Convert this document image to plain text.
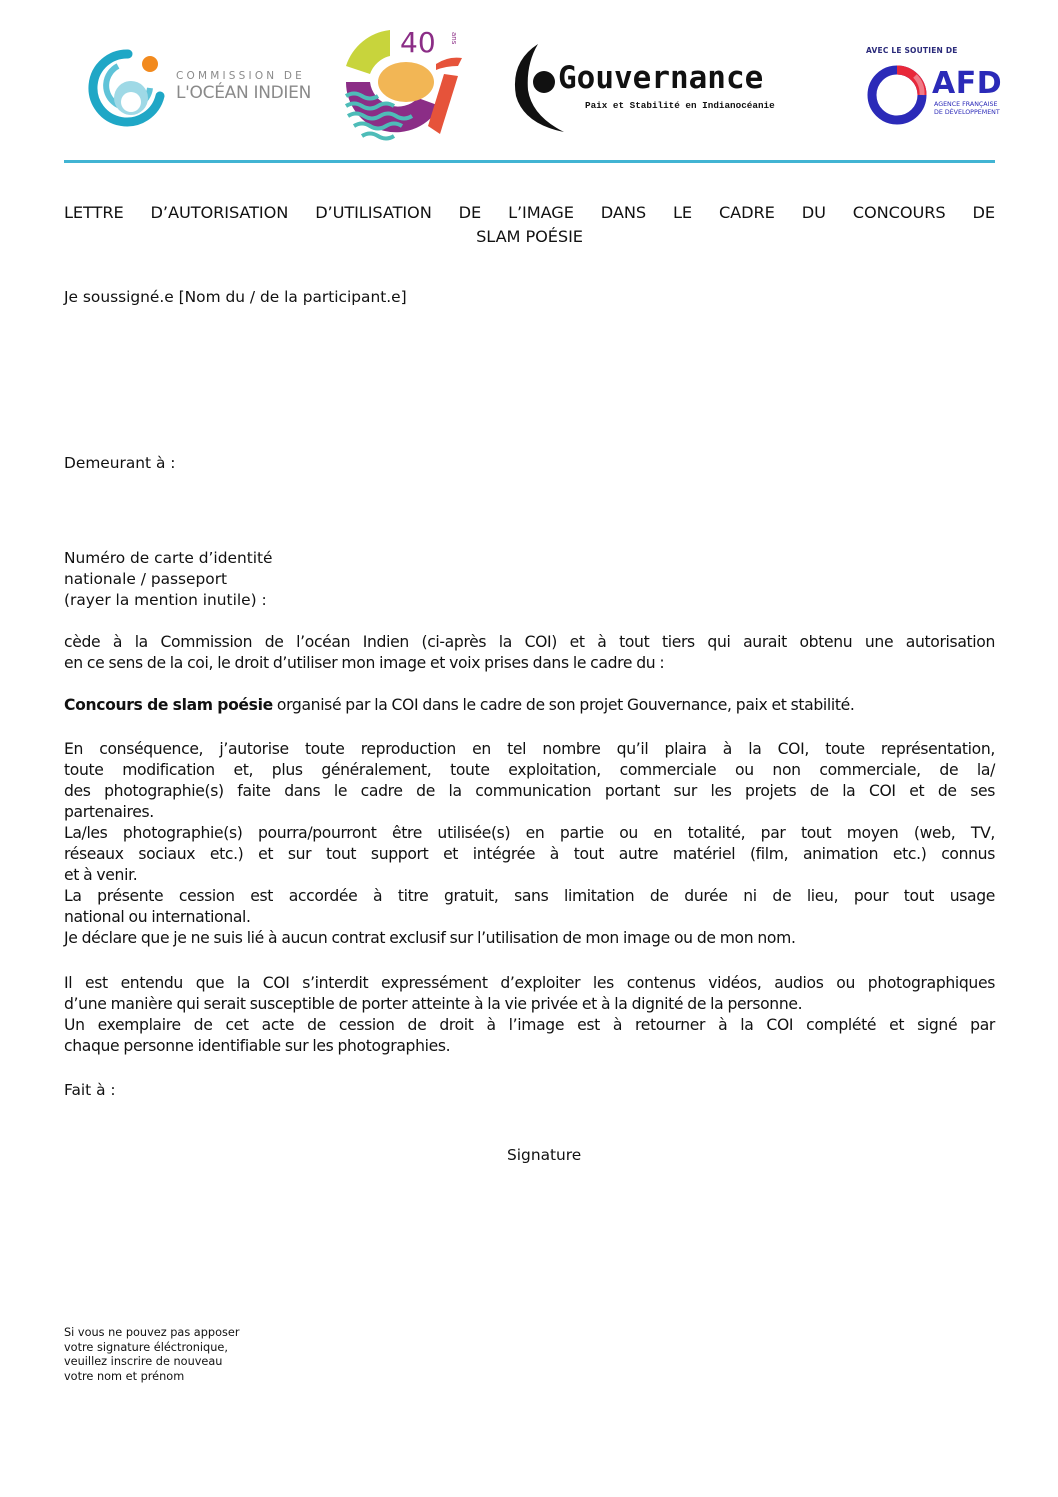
COMMISSION DE
L'OCÉAN INDIEN
40 ans
Gouvernance
Paix et Stabilité en Indianocéanie
AVEC LE SOUTIEN DE
AFD
AGENCE FRANÇAISE
DE DÉVELOPPEMENT
LETTRE D’AUTORISATION D’UTILISATION DE L’IMAGE DANS LE CADRE DU CONCOURS DE
SLAM POÉSIE
Je soussigné.e [Nom du / de la participant.e]
Demeurant à :
Numéro de carte d’identité
nationale / passeport
(rayer la mention inutile) :
cède à la Commission de l’océan Indien (ci-après la COI) et à tout tiers qui aurait obtenu une autorisation
en ce sens de la coi, le droit d’utiliser mon image et voix prises dans le cadre du :
Concours de slam poésie organisé par la COI dans le cadre de son projet Gouvernance, paix et stabilité.
En conséquence, j’autorise toute reproduction en tel nombre qu’il plaira à la COI, toute représentation,
toute modification et, plus généralement, toute exploitation, commerciale ou non commerciale, de la/
des photographie(s) faite dans le cadre de la communication portant sur les projets de la COI et de ses
partenaires.
La/les photographie(s) pourra/pourront être utilisée(s) en partie ou en totalité, par tout moyen (web, TV,
réseaux sociaux etc.) et sur tout support et intégrée à tout autre matériel (film, animation etc.) connus
et à venir.
La présente cession est accordée à titre gratuit, sans limitation de durée ni de lieu, pour tout usage
national ou international.
Je déclare que je ne suis lié à aucun contrat exclusif sur l’utilisation de mon image ou de mon nom.
Il est entendu que la COI s’interdit expressément d’exploiter les contenus vidéos, audios ou photographiques
d’une manière qui serait susceptible de porter atteinte à la vie privée et à la dignité de la personne.
Un exemplaire de cet acte de cession de droit à l’image est à retourner à la COI complété et signé par
chaque personne identifiable sur les photographies.
Fait à :
Signature
Si vous ne pouvez pas apposer
votre signature éléctronique,
veuillez inscrire de nouveau
votre nom et prénom
